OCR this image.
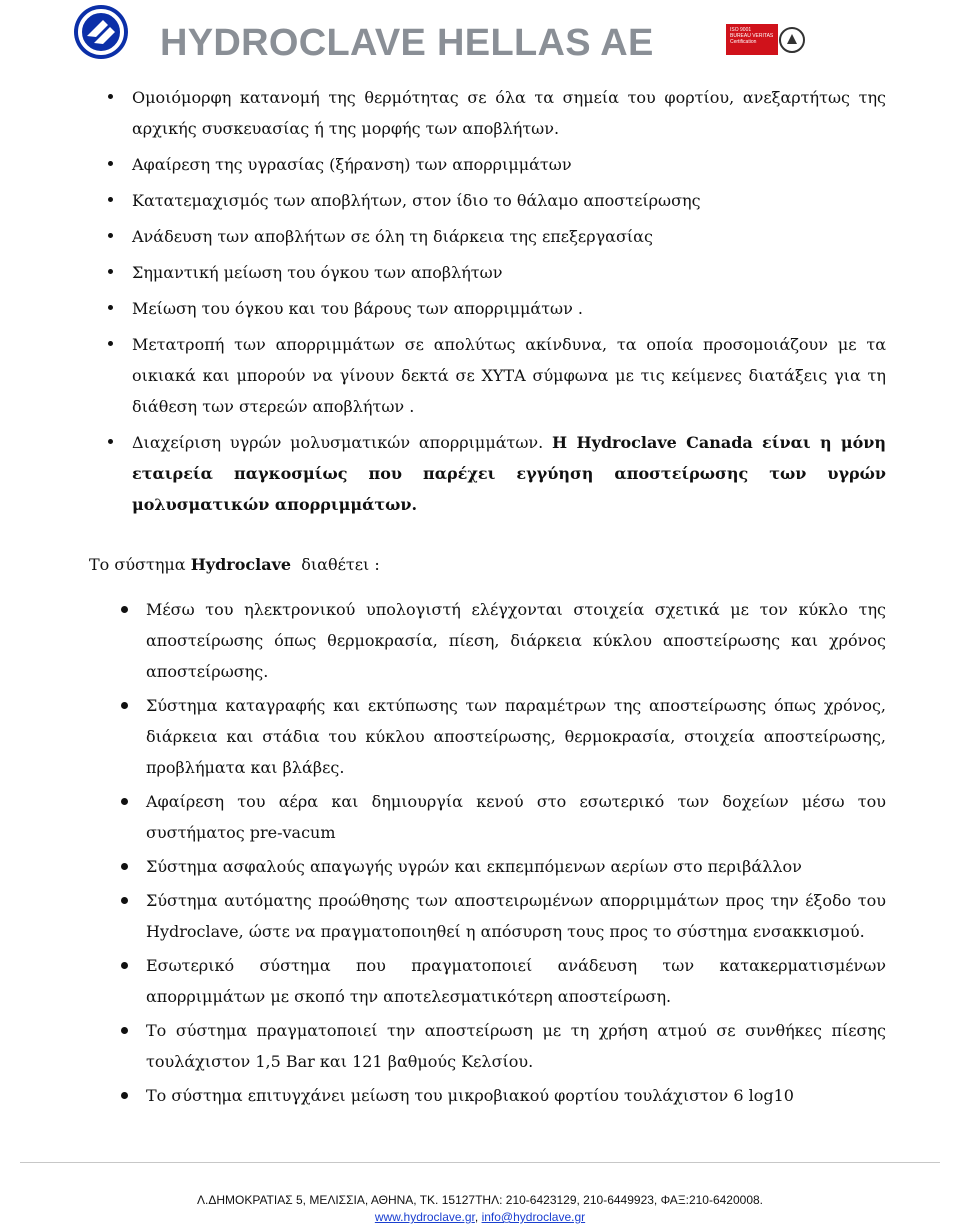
HYDROCLAVE HELLAS AE	ISO 9001
BUREAU VERITAS
Certification
Ομοιόμορφη κατανομή της θερμότητας σε όλα τα σημεία του φορτίου, ανεξαρτήτως της αρχικής συσκευασίας ή της μορφής των αποβλήτων.
Αφαίρεση της υγρασίας (ξήρανση) των απορριμμάτων
Κατατεμαχισμός των αποβλήτων, στον ίδιο το θάλαμο αποστείρωσης
Ανάδευση των αποβλήτων σε όλη τη διάρκεια της επεξεργασίας
Σημαντική μείωση του όγκου των αποβλήτων
Μείωση του όγκου και του βάρους των απορριμμάτων .
Μετατροπή των απορριμμάτων σε απολύτως ακίνδυνα, τα οποία προσομοιάζουν με τα οικιακά και μπορούν να γίνουν δεκτά σε ΧΥΤΑ σύμφωνα με τις κείμενες διατάξεις για τη διάθεση των στερεών αποβλήτων .
Διαχείριση υγρών μολυσματικών απορριμμάτων. Η Hydroclave Canada είναι η μόνη εταιρεία παγκοσμίως που παρέχει εγγύηση αποστείρωσης των υγρών μολυσματικών απορριμμάτων.
Το σύστημα Hydroclave  διαθέτει :
Μέσω του ηλεκτρονικού υπολογιστή ελέγχονται στοιχεία σχετικά με τον κύκλο της αποστείρωσης όπως θερμοκρασία, πίεση, διάρκεια κύκλου αποστείρωσης και χρόνος αποστείρωσης.
Σύστημα καταγραφής και εκτύπωσης των παραμέτρων της αποστείρωσης όπως χρόνος, διάρκεια και στάδια του κύκλου αποστείρωσης, θερμοκρασία, στοιχεία αποστείρωσης, προβλήματα και βλάβες.
Αφαίρεση του αέρα και δημιουργία κενού στο εσωτερικό των δοχείων μέσω του συστήματος pre-vacum
Σύστημα ασφαλούς απαγωγής υγρών και εκπεμπόμενων αερίων στο περιβάλλον
Σύστημα αυτόματης προώθησης των αποστειρωμένων απορριμμάτων προς την έξοδο του Hydroclave, ώστε να πραγματοποιηθεί η απόσυρση τους προς το σύστημα ενσακκισμού.
Εσωτερικό σύστημα που πραγματοποιεί ανάδευση των κατακερματισμένων απορριμμάτων με σκοπό την αποτελεσματικότερη αποστείρωση.
Το σύστημα πραγματοποιεί την αποστείρωση με τη χρήση ατμού σε συνθήκες πίεσης τουλάχιστον 1,5 Bar και 121 βαθμούς Κελσίου.
Το σύστημα επιτυγχάνει μείωση του μικροβιακού φορτίου τουλάχιστον 6 log10
Λ.ΔΗΜΟΚΡΑΤΙΑΣ 5, ΜΕΛΙΣΣΙΑ, ΑΘΗΝΑ, ΤΚ. 15127ΤΗΛ: 210-6423129, 210-6449923, ΦΑΞ:210-6420008.
www.hydroclave.gr, info@hydroclave.gr
